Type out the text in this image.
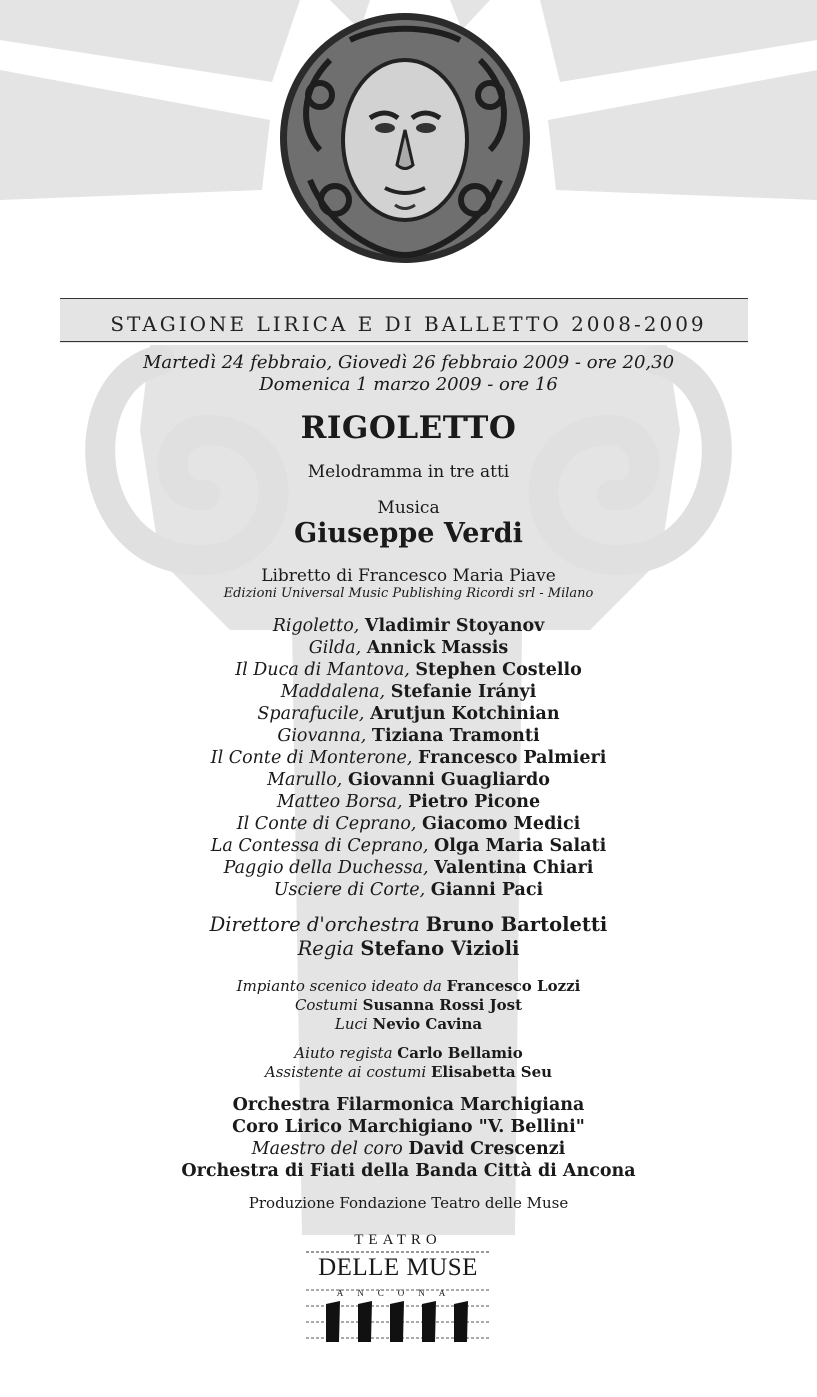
STAGIONE LIRICA E DI BALLETTO 2008-2009
Martedì 24 febbraio, Giovedì 26 febbraio 2009 - ore 20,30
Domenica 1 marzo 2009 - ore 16
RIGOLETTO
Melodramma in tre atti
Musica
Giuseppe Verdi
Libretto di Francesco Maria Piave
Edizioni Universal Music Publishing Ricordi srl - Milano
Rigoletto, Vladimir Stoyanov
Gilda, Annick Massis
Il Duca di Mantova, Stephen Costello
Maddalena, Stefanie Irányi
Sparafucile, Arutjun Kotchinian
Giovanna, Tiziana Tramonti
Il Conte di Monterone, Francesco Palmieri
Marullo, Giovanni Guagliardo
Matteo Borsa, Pietro Picone
Il Conte di Ceprano, Giacomo Medici
La Contessa di Ceprano, Olga Maria Salati
Paggio della Duchessa, Valentina Chiari
Usciere di Corte, Gianni Paci
Direttore d'orchestra Bruno Bartoletti
Regia Stefano Vizioli
Impianto scenico ideato da Francesco Lozzi
Costumi Susanna Rossi Jost
Luci Nevio Cavina
Aiuto regista Carlo Bellamio
Assistente ai costumi Elisabetta Seu
Orchestra Filarmonica Marchigiana
Coro Lirico Marchigiano "V. Bellini"
Maestro del coro David Crescenzi
Orchestra di Fiati della Banda Città di Ancona
Produzione Fondazione Teatro delle Muse
TEATRO
DELLE MUSE
ANCONA
